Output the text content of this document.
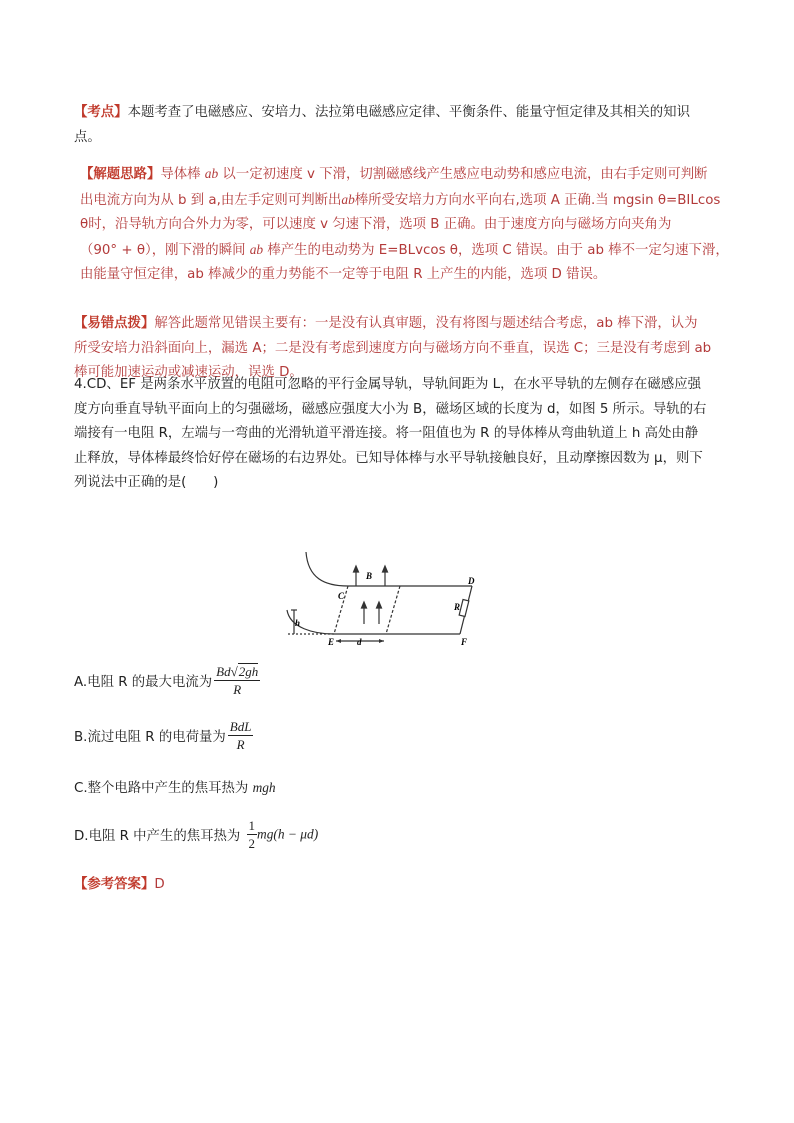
【考点】本题考查了电磁感应、安培力、法拉第电磁感应定律、平衡条件、能量守恒定律及其相关的知识
点。
【解题思路】导体棒 ab 以一定初速度 v 下滑，切割磁感线产生感应电动势和感应电流，由右手定则可判断
出电流方向为从 b 到 a,由左手定则可判断出ab棒所受安培力方向水平向右,选项 A 正确.当 mgsin θ=BILcos
θ时，沿导轨方向合外力为零，可以速度 v 匀速下滑，选项 B 正确。由于速度方向与磁场方向夹角为
（90° + θ），刚下滑的瞬间 ab 棒产生的电动势为 E=BLvcos θ，选项 C 错误。由于 ab 棒不一定匀速下滑，
由能量守恒定律，ab 棒减少的重力势能不一定等于电阻 R 上产生的内能，选项 D 错误。
【易错点拨】解答此题常见错误主要有：一是没有认真审题，没有将图与题述结合考虑，ab 棒下滑，认为
所受安培力沿斜面向上，漏选 A；二是没有考虑到速度方向与磁场方向不垂直，误选 C；三是没有考虑到 ab
棒可能加速运动或减速运动，误选 D。
4.CD、EF 是两条水平放置的电阻可忽略的平行金属导轨，导轨间距为 L，在水平导轨的左侧存在磁感应强
度方向垂直导轨平面向上的匀强磁场，磁感应强度大小为 B，磁场区域的长度为 d，如图 5 所示。导轨的右
端接有一电阻 R，左端与一弯曲的光滑轨道平滑连接。将一阻值也为 R 的导体棒从弯曲轨道上 h 高处由静
止释放，导体棒最终恰好停在磁场的右边界处。已知导体棒与水平导轨接触良好，且动摩擦因数为 μ，则下
列说法中正确的是(　　)
B
C
D
E	F
R
h
d
A.电阻 R 的最大电流为 $\frac{Bd√2gh}{R}$
B.流过电阻 R 的电荷量为 $\frac{\text{BdL}}{R}$
C.整个电路中产生的焦耳热为 mgh
D.电阻 R 中产生的焦耳热为 $\frac{1}{2} mg(h - \mu d)$
【参考答案】D
